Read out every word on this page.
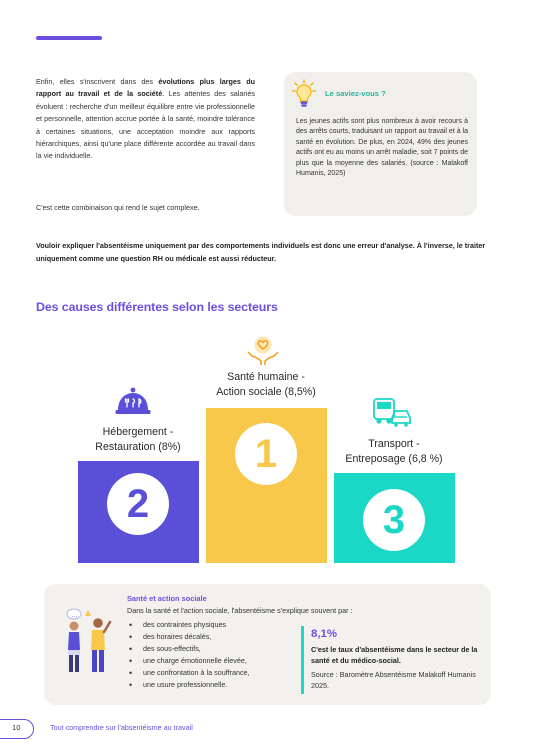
Enfin, elles s'inscrivent dans des évolutions plus larges du rapport au travail et de la société. Les attentes des salariés évoluent : recherche d'un meilleur équilibre entre vie professionnelle et personnelle, attention accrue portée à la santé, moindre tolérance à certaines situations, une acceptation moindre aux rapports hiérarchiques, ainsi qu'une place différente accordée au travail dans la vie individuelle.
C'est cette combinaison qui rend le sujet complexe.
Le saviez-vous ?
Les jeunes actifs sont plus nombreux à avoir recours à des arrêts courts, traduisant un rapport au travail et à la santé en évolution. De plus, en 2024, 49% des jeunes actifs ont eu au moins un arrêt maladie, soit 7 points de plus que la moyenne des salariés. (source : Malakoff Humanis, 2025)
Vouloir expliquer l'absentéisme uniquement par des comportements individuels est donc une erreur d'analyse. À l'inverse, le traiter uniquement comme une question RH ou médicale est aussi réducteur.
Des causes différentes selon les secteurs
Santé humaine -
Action sociale (8,5%)
Hébergement -
Restauration (8%)	Transport -
Entreposage (6,8 %)
1
2	3
…
Santé et action sociale
Dans la santé et l'action sociale, l'absentéisme s'explique souvent par :
• des contraintes physiques
• des horaires décalés,
• des sous-effectifs,
• une charge émotionnelle élevée,
• une confrontation à la souffrance,
• une usure professionnelle.
8,1%
C'est le taux d'absentéisme dans le secteur de la santé et du médico-social.
Source : Baromètre Absentéisme Malakoff Humanis 2025.
10	Tout comprendre sur l'absentéisme au travail
